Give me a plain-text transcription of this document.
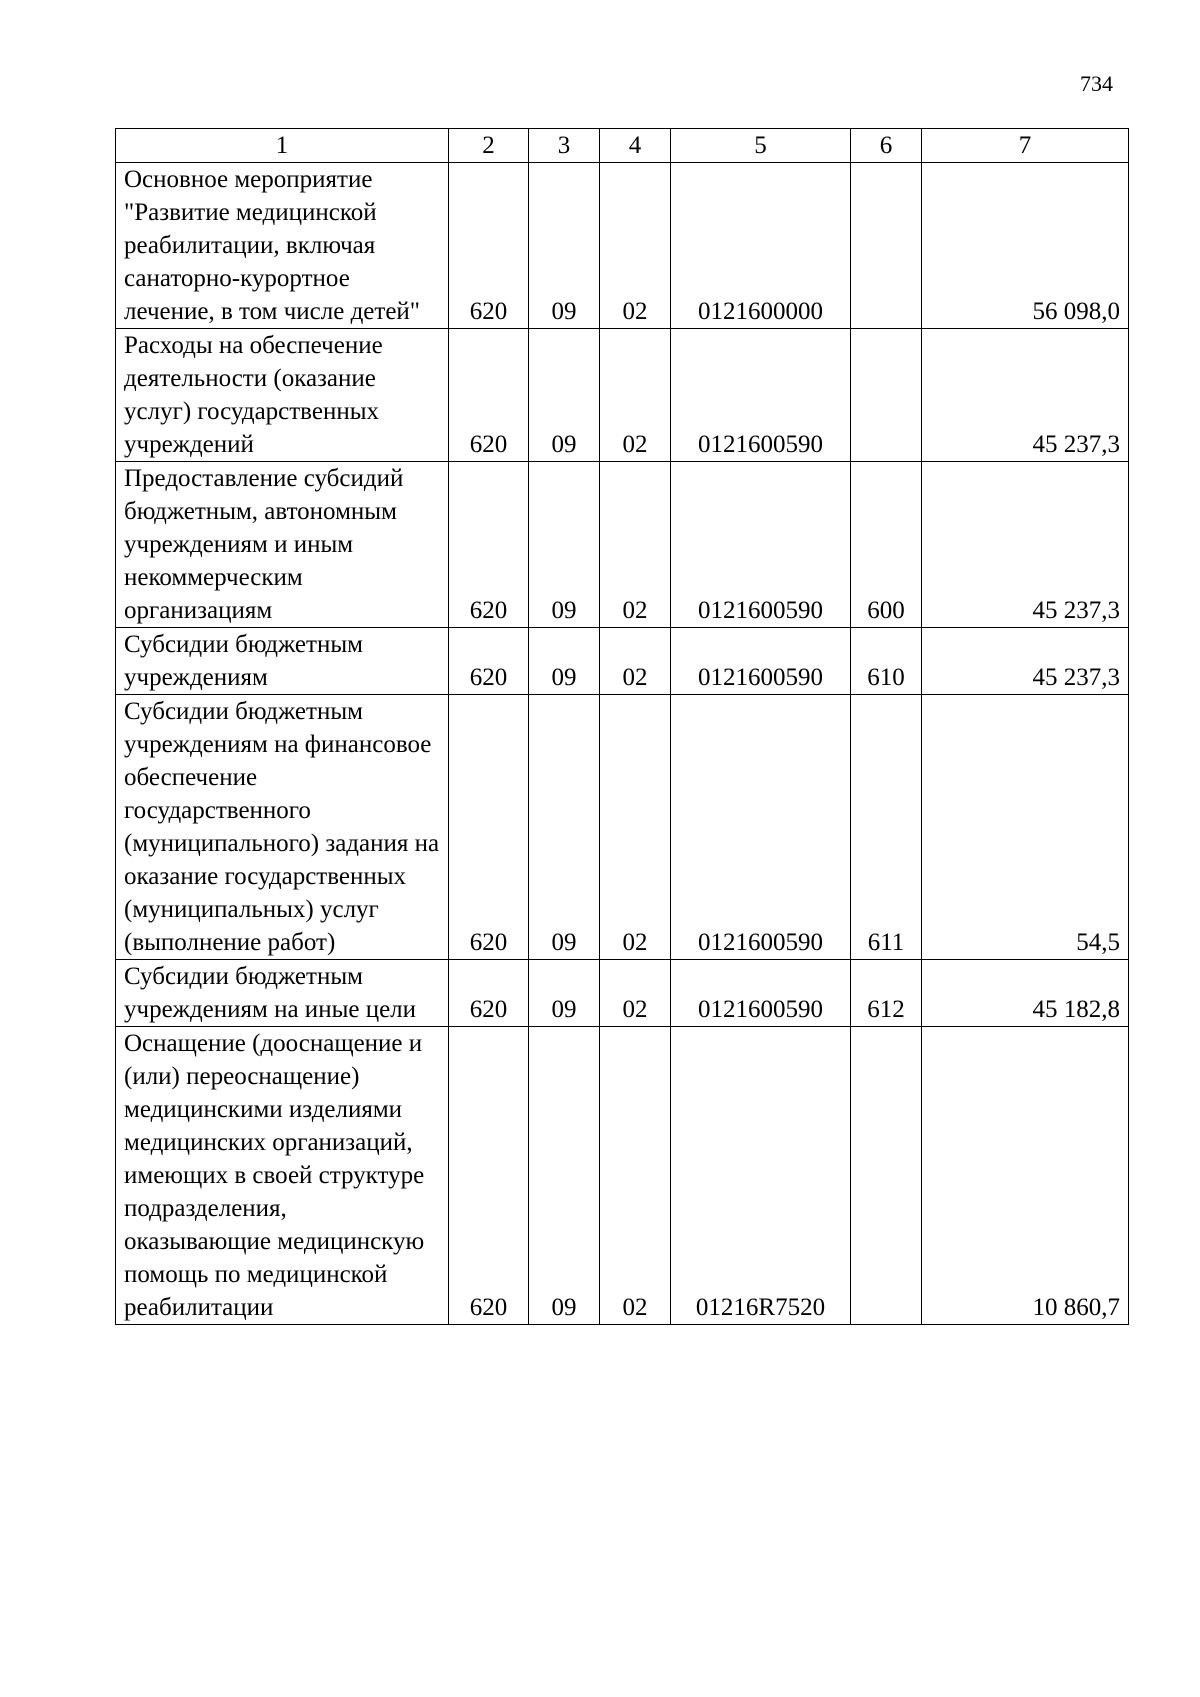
734
1	2	3	4	5	6	7
Основное мероприятие "Развитие медицинской реабилитации, включая санаторно-курортное лечение, в том числе детей"	620	09	02	0121600000		56 098,0
Расходы на обеспечение деятельности (оказание услуг) государственных учреждений	620	09	02	0121600590		45 237,3
Предоставление субсидий бюджетным, автономным учреждениям и иным некоммерческим организациям	620	09	02	0121600590	600	45 237,3
Субсидии бюджетным учреждениям	620	09	02	0121600590	610	45 237,3
Субсидии бюджетным учреждениям на финансовое обеспечение государственного (муниципального) задания на оказание государственных (муниципальных) услуг (выполнение работ)	620	09	02	0121600590	611	54,5
Субсидии бюджетным учреждениям на иные цели	620	09	02	0121600590	612	45 182,8
Оснащение (дооснащение и (или) переоснащение) медицинскими изделиями медицинских организаций, имеющих в своей структуре подразделения, оказывающие медицинскую помощь по медицинской реабилитации	620	09	02	01216R7520		10 860,7
